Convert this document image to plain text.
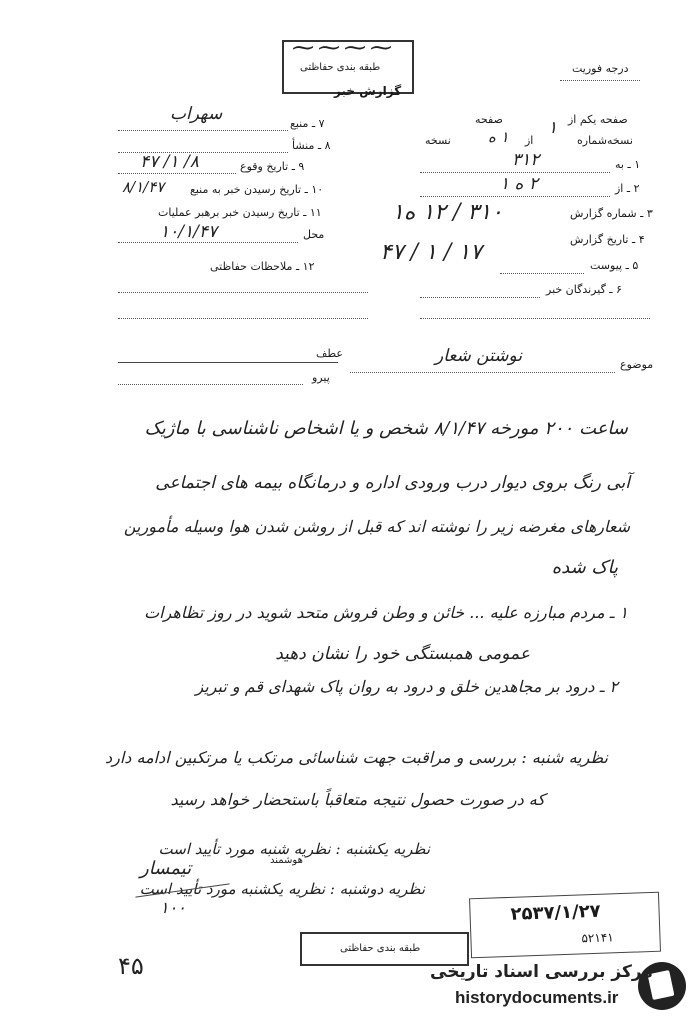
⁓⁓⁓⁓
طبقه بندی حفاظتی
گزارش خبر
درجه فوریت
۷ ـ منبع
سهراب
۸ ـ منشأ
۹ ـ تاریخ وقوع
۸/ ۱/ ۴۷
۱۰ ـ تاریخ رسیدن خبر به منبع
۸/۱/۴۷
۱۱ ـ تاریخ رسیدن خبر برهبر عملیات
محل
۱۰/۱/۴۷
۱۲ ـ ملاحظات حفاظتی
صفحه یکم از
صفحه
نسخه‌شماره
۱
از
۱ ه
نسخه
۱ ـ به
۳۱۲
۲ ـ از
۲ ه ۱
۳ ـ شماره گزارش
۳۱۰ / ۱۲ ه۱
۴ ـ تاریخ گزارش
۱۷ / ۱ / ۴۷
۵ ـ پیوست
۶ ـ گیرندگان خبر
موضوع
نوشتن شعار
عطف
پیرو
ساعت ۲۰۰ مورخه ۸/۱/۴۷ شخص و یا اشخاص ناشناسی با ماژیک
آبی رنگ بروی دیوار درب ورودی اداره و درمانگاه بیمه های اجتماعی
شعارهای مغرضه زیر را نوشته اند که قبل از روشن شدن هوا وسیله مأمورین
پاک شده
۱ ـ مردم مبارزه علیه ... خائن و وطن فروش متحد شوید در روز تظاهرات
عمومی همبستگی خود را نشان دهید
۲ ـ درود بر مجاهدین خلق و درود به روان پاک شهدای قم و تبریز
نظریه شنبه : بررسی و مراقبت جهت شناسائی مرتکب یا مرتکبین ادامه دارد
که در صورت حصول نتیجه متعاقباً باستحضار خواهد رسید
نظریه یکشنبه : نظریه شنبه مورد تأیید است
هوشمند
نظریه دوشنبه : نظریه یکشنبه مورد تأیید است
تیمسار
۱۰۰	۲۵۳۷/۱/۲۷
۵۲۱۴۱
طبقه بندی حفاظتی
۴۵	مرکز بررسی اسناد تاریخی
historydocuments.ir
